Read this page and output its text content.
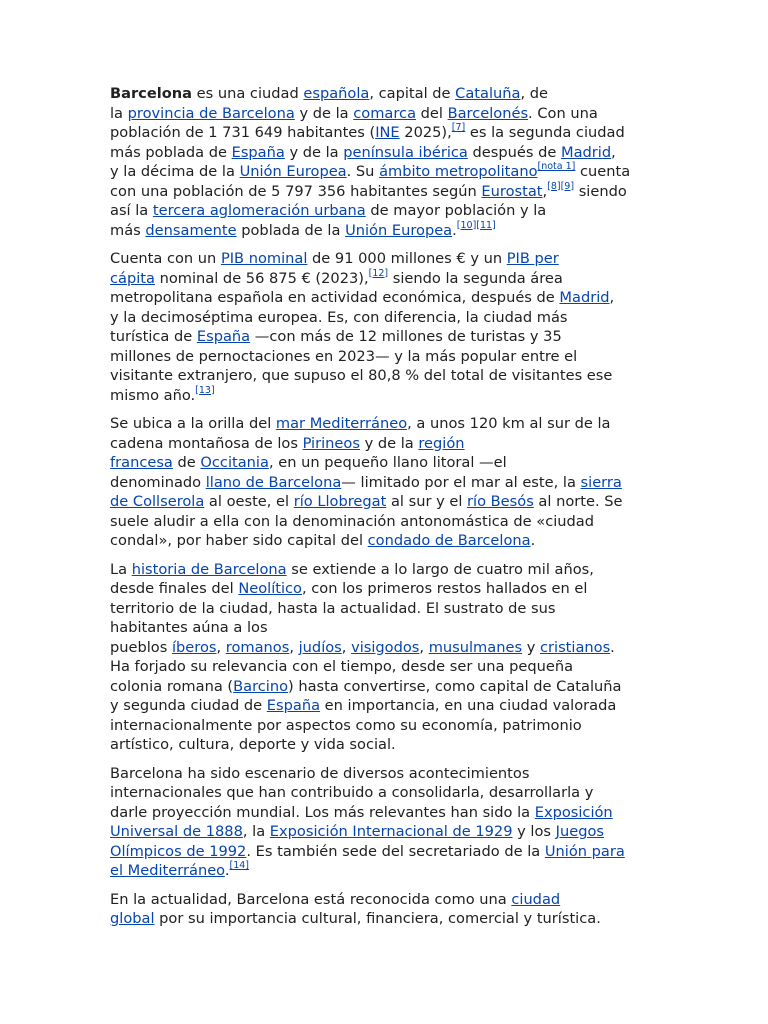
Barcelona es una ciudad española, capital de Cataluña, de
la provincia de Barcelona y de la comarca del Barcelonés. Con una
población de 1 731 649 habitantes (INE 2025),[7] es la segunda ciudad
más poblada de España y de la península ibérica después de Madrid,
y la décima de la Unión Europea. Su ámbito metropolitano[nota 1] cuenta
con una población de 5 797 356 habitantes según Eurostat,[8][9] siendo
así la tercera aglomeración urbana de mayor población y la
más densamente poblada de la Unión Europea.[10][11]

Cuenta con un PIB nominal de 91 000 millones € y un PIB per
cápita nominal de 56 875 € (2023),[12] siendo la segunda área
metropolitana española en actividad económica, después de Madrid,
y la decimoséptima europea. Es, con diferencia, la ciudad más
turística de España —con más de 12 millones de turistas y 35
millones de pernoctaciones en 2023— y la más popular entre el
visitante extranjero, que supuso el 80,8 % del total de visitantes ese
mismo año.[13]

Se ubica a la orilla del mar Mediterráneo, a unos 120 km al sur de la
cadena montañosa de los Pirineos y de la región
francesa de Occitania, en un pequeño llano litoral —el
denominado llano de Barcelona— limitado por el mar al este, la sierra
de Collserola al oeste, el río Llobregat al sur y el río Besós al norte. Se
suele aludir a ella con la denominación antonomástica de «ciudad
condal», por haber sido capital del condado de Barcelona.

La historia de Barcelona se extiende a lo largo de cuatro mil años,
desde finales del Neolítico, con los primeros restos hallados en el
territorio de la ciudad, hasta la actualidad. El sustrato de sus
habitantes aúna a los
pueblos íberos, romanos, judíos, visigodos, musulmanes y cristianos.
Ha forjado su relevancia con el tiempo, desde ser una pequeña
colonia romana (Barcino) hasta convertirse, como capital de Cataluña
y segunda ciudad de España en importancia, en una ciudad valorada
internacionalmente por aspectos como su economía, patrimonio
artístico, cultura, deporte y vida social.

Barcelona ha sido escenario de diversos acontecimientos
internacionales que han contribuido a consolidarla, desarrollarla y
darle proyección mundial. Los más relevantes han sido la Exposición
Universal de 1888, la Exposición Internacional de 1929 y los Juegos
Olímpicos de 1992. Es también sede del secretariado de la Unión para
el Mediterráneo.[14]

En la actualidad, Barcelona está reconocida como una ciudad
global por su importancia cultural, financiera, comercial y turística.
